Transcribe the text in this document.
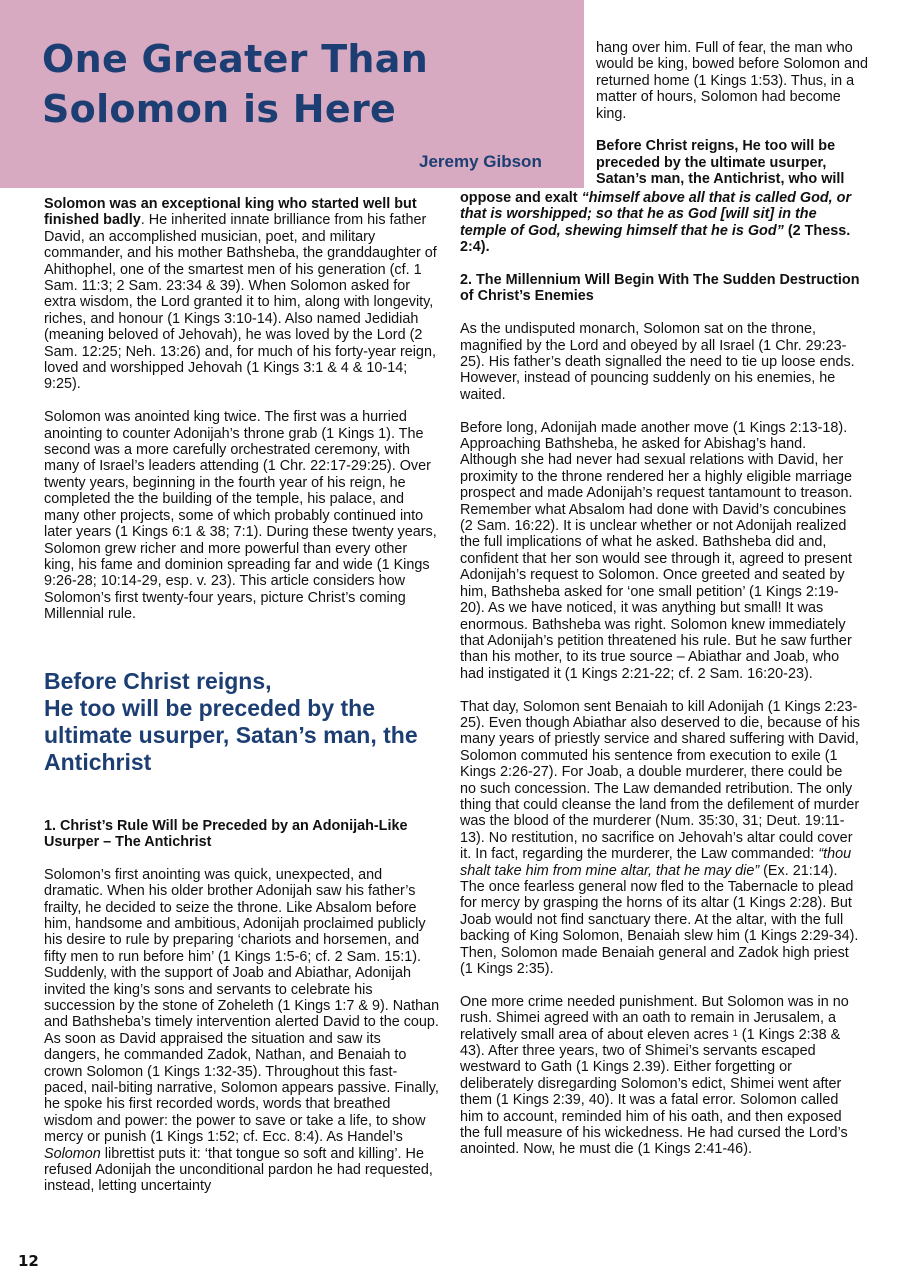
One Greater Than
Solomon is Here
Jeremy Gibson

Solomon was an exceptional king who started well but finished badly. He inherited innate brilliance from his father David, an accomplished musician, poet, and military commander, and his mother Bathsheba, the granddaughter of Ahithophel, one of the smartest men of his generation (cf. 1 Sam. 11:3; 2 Sam. 23:34 & 39). When Solomon asked for extra wisdom, the Lord granted it to him, along with longevity, riches, and honour (1 Kings 3:10-14). Also named Jedidiah (meaning beloved of Jehovah), he was loved by the Lord (2 Sam. 12:25; Neh. 13:26) and, for much of his forty-year reign, loved and worshipped Jehovah (1 Kings 3:1 & 4 & 10-14; 9:25).

Solomon was anointed king twice. The first was a hurried anointing to counter Adonijah’s throne grab (1 Kings 1). The second was a more carefully orchestrated ceremony, with many of Israel’s leaders attending (1 Chr. 22:17-29:25). Over twenty years, beginning in the fourth year of his reign, he completed the the building of the temple, his palace, and many other projects, some of which probably continued into later years (1 Kings 6:1 & 38; 7:1). During these twenty years, Solomon grew richer and more powerful than every other king, his fame and dominion spreading far and wide (1 Kings 9:26-28; 10:14-29, esp. v. 23). This article considers how Solomon’s first twenty-four years, picture Christ’s coming Millennial rule.

Before Christ reigns,
He too will be preceded by the ultimate usurper, Satan’s man, the Antichrist

1. Christ’s Rule Will be Preceded by an Adonijah-Like Usurper – The Antichrist

Solomon’s first anointing was quick, unexpected, and dramatic. When his older brother Adonijah saw his father’s frailty, he decided to seize the throne. Like Absalom before him, handsome and ambitious, Adonijah proclaimed publicly his desire to rule by preparing ‘chariots and horsemen, and fifty men to run before him’ (1 Kings 1:5-6; cf. 2 Sam. 15:1). Suddenly, with the support of Joab and Abiathar, Adonijah invited the king’s sons and servants to celebrate his succession by the stone of Zoheleth (1 Kings 1:7 & 9). Nathan and Bathsheba’s timely intervention alerted David to the coup. As soon as David appraised the situation and saw its dangers, he commanded Zadok, Nathan, and Benaiah to crown Solomon (1 Kings 1:32-35). Throughout this fast-paced, nail-biting narrative, Solomon appears passive. Finally, he spoke his first recorded words, words that breathed wisdom and power: the power to save or take a life, to show mercy or punish (1 Kings 1:52; cf. Ecc. 8:4). As Handel’s Solomon librettist puts it: ‘that tongue so soft and killing’. He refused Adonijah the unconditional pardon he had requested, instead, letting uncertainty

hang over him. Full of fear, the man who would be king, bowed before Solomon and returned home (1 Kings 1:53). Thus, in a matter of hours, Solomon had become king.

Before Christ reigns, He too will be preceded by the ultimate usurper, Satan’s man, the Antichrist, who will

oppose and exalt “himself above all that is called God, or that is worshipped; so that he as God [will sit] in the temple of God, shewing himself that he is God” (2 Thess. 2:4).

2. The Millennium Will Begin With The Sudden Destruction of Christ’s Enemies

As the undisputed monarch, Solomon sat on the throne, magnified by the Lord and obeyed by all Israel (1 Chr. 29:23-25). His father’s death signalled the need to tie up loose ends. However, instead of pouncing suddenly on his enemies, he waited.

Before long, Adonijah made another move (1 Kings 2:13-18). Approaching Bathsheba, he asked for Abishag’s hand. Although she had never had sexual relations with David, her proximity to the throne rendered her a highly eligible marriage prospect and made Adonijah’s request tantamount to treason. Remember what Absalom had done with David’s concubines (2 Sam. 16:22). It is unclear whether or not Adonijah realized the full implications of what he asked. Bathsheba did and, confident that her son would see through it, agreed to present Adonijah’s request to Solomon. Once greeted and seated by him, Bathsheba asked for ‘one small petition’ (1 Kings 2:19-20). As we have noticed, it was anything but small! It was enormous. Bathsheba was right. Solomon knew immediately that Adonijah’s petition threatened his rule. But he saw further than his mother, to its true source – Abiathar and Joab, who had instigated it (1 Kings 2:21-22; cf. 2 Sam. 16:20-23).

That day, Solomon sent Benaiah to kill Adonijah (1 Kings 2:23-25). Even though Abiathar also deserved to die, because of his many years of priestly service and shared suffering with David, Solomon commuted his sentence from execution to exile (1 Kings 2:26-27). For Joab, a double murderer, there could be no such concession. The Law demanded retribution. The only thing that could cleanse the land from the defilement of murder was the blood of the murderer (Num. 35:30, 31; Deut. 19:11-13). No restitution, no sacrifice on Jehovah’s altar could cover it. In fact, regarding the murderer, the Law commanded: “thou shalt take him from mine altar, that he may die” (Ex. 21:14). The once fearless general now fled to the Tabernacle to plead for mercy by grasping the horns of its altar (1 Kings 2:28). But Joab would not find sanctuary there. At the altar, with the full backing of King Solomon, Benaiah slew him (1 Kings 2:29-34). Then, Solomon made Benaiah general and Zadok high priest (1 Kings 2:35).

One more crime needed punishment. But Solomon was in no rush. Shimei agreed with an oath to remain in Jerusalem, a relatively small area of about eleven acres $^1$ (1 Kings 2:38 & 43). After three years, two of Shimei’s servants escaped westward to Gath (1 Kings 2.39). Either forgetting or deliberately disregarding Solomon’s edict, Shimei went after them (1 Kings 2:39, 40). It was a fatal error. Solomon called him to account, reminded him of his oath, and then exposed the full measure of his wickedness. He had cursed the Lord’s anointed. Now, he must die (1 Kings 2:41-46).

12
